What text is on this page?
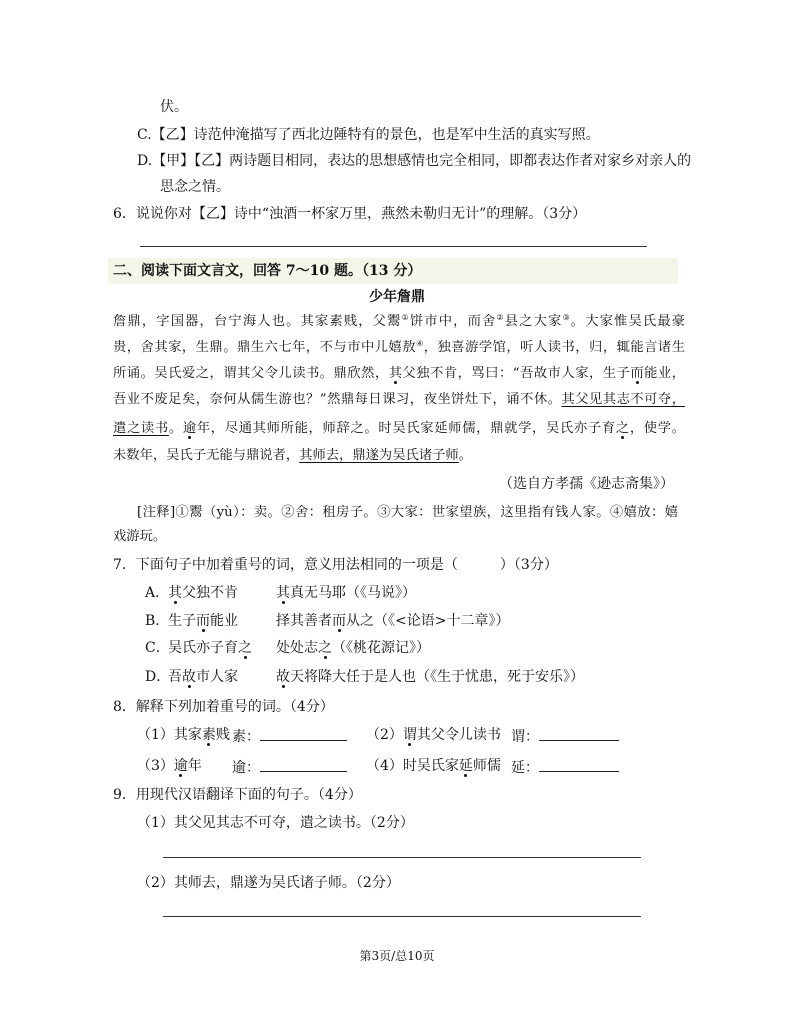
伏。
C.【乙】诗范仲淹描写了西北边陲特有的景色，也是军中生活的真实写照。
D.【甲】【乙】两诗题目相同，表达的思想感情也完全相同，即都表达作者对家乡对亲人的
思念之情。
6．说说你对【乙】诗中“浊酒一杯家万里，燕然未勒归无计”的理解。（3分）
二、阅读下面文言文，回答 7～10 题。（13 分）
少年詹鼎
詹鼎，字国器，台宁海人也。其家素贱，父鬻①饼市中，而舍②县之大家③。大家惟吴氏最豪
贵，舍其家，生鼎。鼎生六七年，不与市中儿嬉敖④，独喜游学馆，听人读书，归，辄能言诸生
所诵。吴氏爱之，谓其父令儿读书。鼎欣然，其父独不肯，骂曰：“吾故市人家，生子而能业，
吾业不废足矣，奈何从儒生游也？”然鼎每日课习，夜坐饼灶下，诵不休。其父见其志不可夺，
遣之读书。逾年，尽通其师所能，师辞之。时吴氏家延师儒，鼎就学，吴氏亦子育之，使学。
未数年，吴氏子无能与鼎说者，其师去，鼎遂为吴氏诸子师。
（选自方孝孺《逊志斋集》）
[注释]①鬻（yù）：卖。②舍：租房子。③大家：世家望族，这里指有钱人家。④嬉放：嬉
戏游玩。
7．下面句子中加着重号的词，意义用法相同的一项是（　　　）（3分）
A．
其父独不肯	其真无马耶（《马说》）
B．
生子而能业	择其善者而从之（《<论语>十二章》）
C．
吴氏亦子育之 处处志之（《桃花源记》）
D．
吾故市人家	故天将降大任于是人也（《生于忧患，死于安乐》）
8．解释下列加着重号的词。（4分）
（1）其家素贱 素：	（2）谓其父令儿读书 谓：
（3）逾年 逾：	（4）时吴氏家延师儒 延：
9．用现代汉语翻译下面的句子。（4分）
（1）其父见其志不可夺，遣之读书。（2分）
（2）其师去，鼎遂为吴氏诸子师。（2分）
第3页/总10页
